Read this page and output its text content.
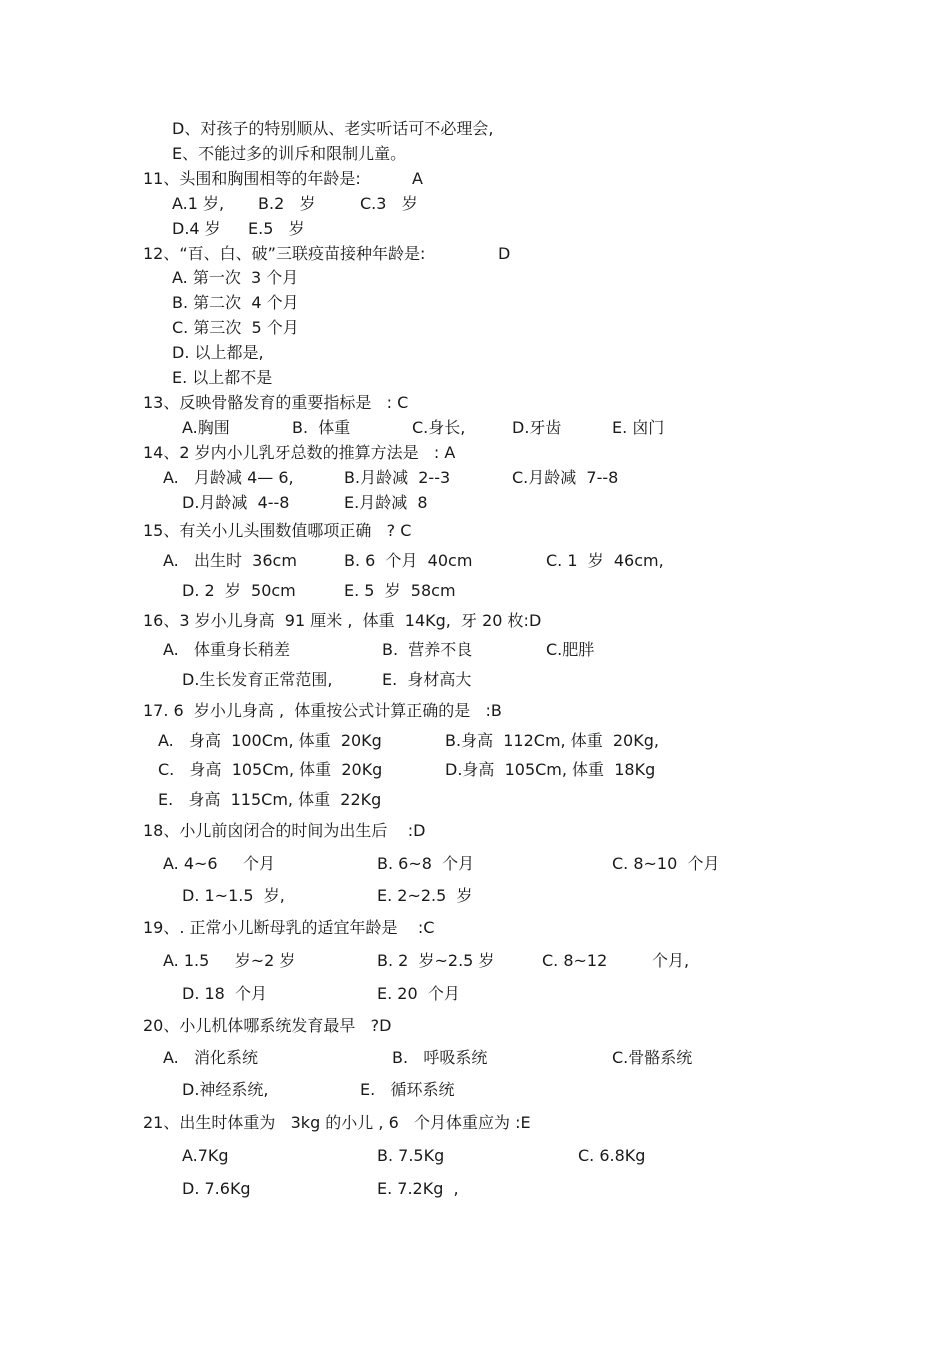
D、对孩子的特别顺从、老实听话可不必理会,
E、不能过多的训斥和限制儿童。
11、头围和胸围相等的年龄是:	A
A.1 岁, B.2   岁	C.3   岁
D.4 岁 E.5   岁
12、“百、白、破”三联疫苗接种年龄是:	D
A. 第一次  3 个月
B. 第二次  4 个月
C. 第三次  5 个月
D. 以上都是,
E. 以上都不是
13、反映骨骼发育的重要指标是   : C
A.胸围	B.  体重	C.身长,	D.牙齿	E. 囟门
14、2 岁内小儿乳牙总数的推算方法是   : A
A.   月龄减 4— 6,	B.月龄减  2--3	C.月龄减  7--8
D.月龄减  4--8	E.月龄减  8
15、有关小儿头围数值哪项正确   ? C
A.   出生时  36cm	B. 6  个月  40cm	C. 1  岁  46cm,
D. 2  岁  50cm	E. 5  岁  58cm
16、3 岁小儿身高  91 厘米 ,  体重  14Kg,  牙 20 枚:D
A.   体重身长稍差	B.  营养不良	C.肥胖
D.生长发育正常范围,	E.  身材高大
17. 6  岁小儿身高 ,  体重按公式计算正确的是   :B
A.   身高  100Cm, 体重  20Kg	B.身高  112Cm, 体重  20Kg,
C.   身高  105Cm, 体重  20Kg	D.身高  105Cm, 体重  18Kg
E.   身高  115Cm, 体重  22Kg
18、小儿前囟闭合的时间为出生后    :D
A. 4~6     个月	B. 6~8  个月	C. 8~10  个月
D. 1~1.5  岁,	E. 2~2.5  岁
19、. 正常小儿断母乳的适宜年龄是    :C
A. 1.5     岁~2 岁	B. 2  岁~2.5 岁	C. 8~12	个月,
D. 18  个月	E. 20  个月
20、小儿机体哪系统发育最早   ?D
A.   消化系统	B.   呼吸系统	C.骨骼系统
D.神经系统,	E.   循环系统
21、出生时体重为   3kg 的小儿 , 6   个月体重应为 :E
A.7Kg	B. 7.5Kg	C. 6.8Kg
D. 7.6Kg	E. 7.2Kg  ,
